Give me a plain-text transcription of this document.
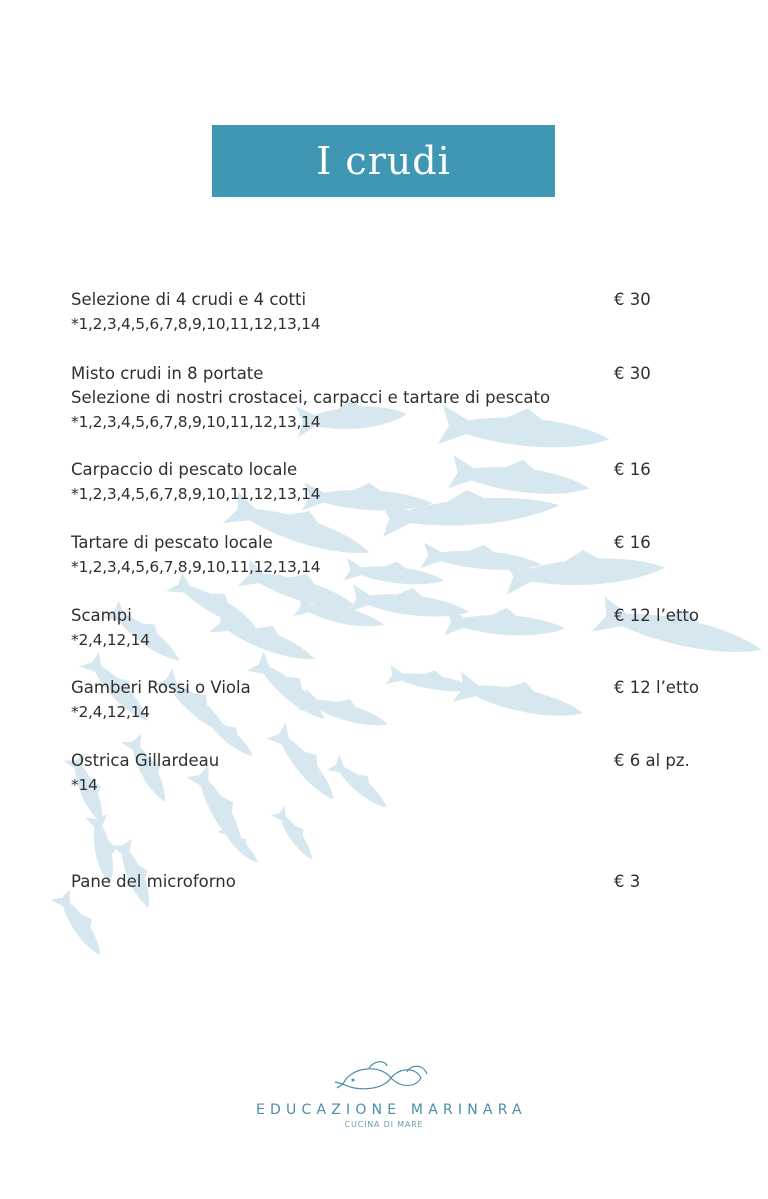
I crudi
Selezione di 4 crudi e 4 cotti
*1,2,3,4,5,6,7,8,9,10,11,12,13,14
€ 30
Misto crudi in 8 portate
Selezione di nostri crostacei, carpacci e tartare di pescato
*1,2,3,4,5,6,7,8,9,10,11,12,13,14
€ 30
Carpaccio di pescato locale
*1,2,3,4,5,6,7,8,9,10,11,12,13,14
€ 16
Tartare di pescato locale
*1,2,3,4,5,6,7,8,9,10,11,12,13,14
€ 16
Scampi
*2,4,12,14
€ 12 l’etto
Gamberi Rossi o Viola
*2,4,12,14
€ 12 l’etto
Ostrica Gillardeau
*14
€ 6 al pz.
Pane del microforno	€ 3
EDUCAZIONE MARINARA
CUCINA DI MARE
